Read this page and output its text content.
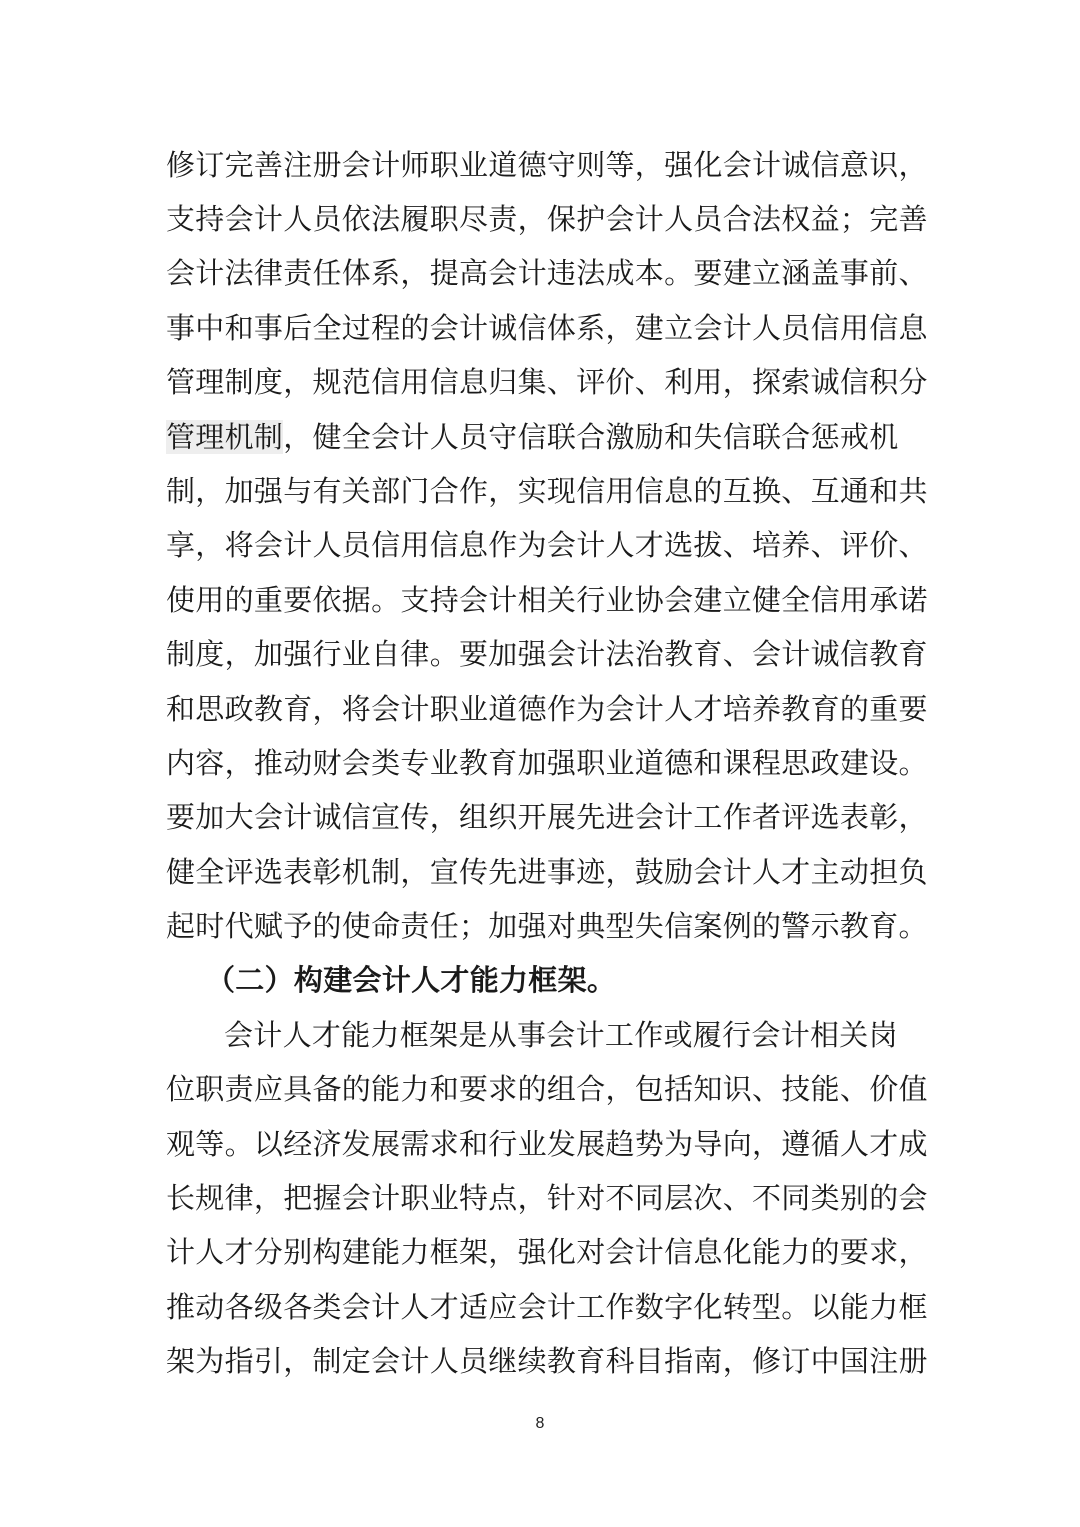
修订完善注册会计师职业道德守则等，强化会计诚信意识，
支持会计人员依法履职尽责，保护会计人员合法权益；完善
会计法律责任体系，提高会计违法成本。要建立涵盖事前、
事中和事后全过程的会计诚信体系，建立会计人员信用信息
管理制度，规范信用信息归集、评价、利用，探索诚信积分
管理机制，健全会计人员守信联合激励和失信联合惩戒机
制，加强与有关部门合作，实现信用信息的互换、互通和共
享，将会计人员信用信息作为会计人才选拔、培养、评价、
使用的重要依据。支持会计相关行业协会建立健全信用承诺
制度，加强行业自律。要加强会计法治教育、会计诚信教育
和思政教育，将会计职业道德作为会计人才培养教育的重要
内容，推动财会类专业教育加强职业道德和课程思政建设。
要加大会计诚信宣传，组织开展先进会计工作者评选表彰，
健全评选表彰机制，宣传先进事迹，鼓励会计人才主动担负
起时代赋予的使命责任；加强对典型失信案例的警示教育。
（二）构建会计人才能力框架。
会计人才能力框架是从事会计工作或履行会计相关岗
位职责应具备的能力和要求的组合，包括知识、技能、价值
观等。以经济发展需求和行业发展趋势为导向，遵循人才成
长规律，把握会计职业特点，针对不同层次、不同类别的会
计人才分别构建能力框架，强化对会计信息化能力的要求，
推动各级各类会计人才适应会计工作数字化转型。以能力框
架为指引，制定会计人员继续教育科目指南，修订中国注册
8
